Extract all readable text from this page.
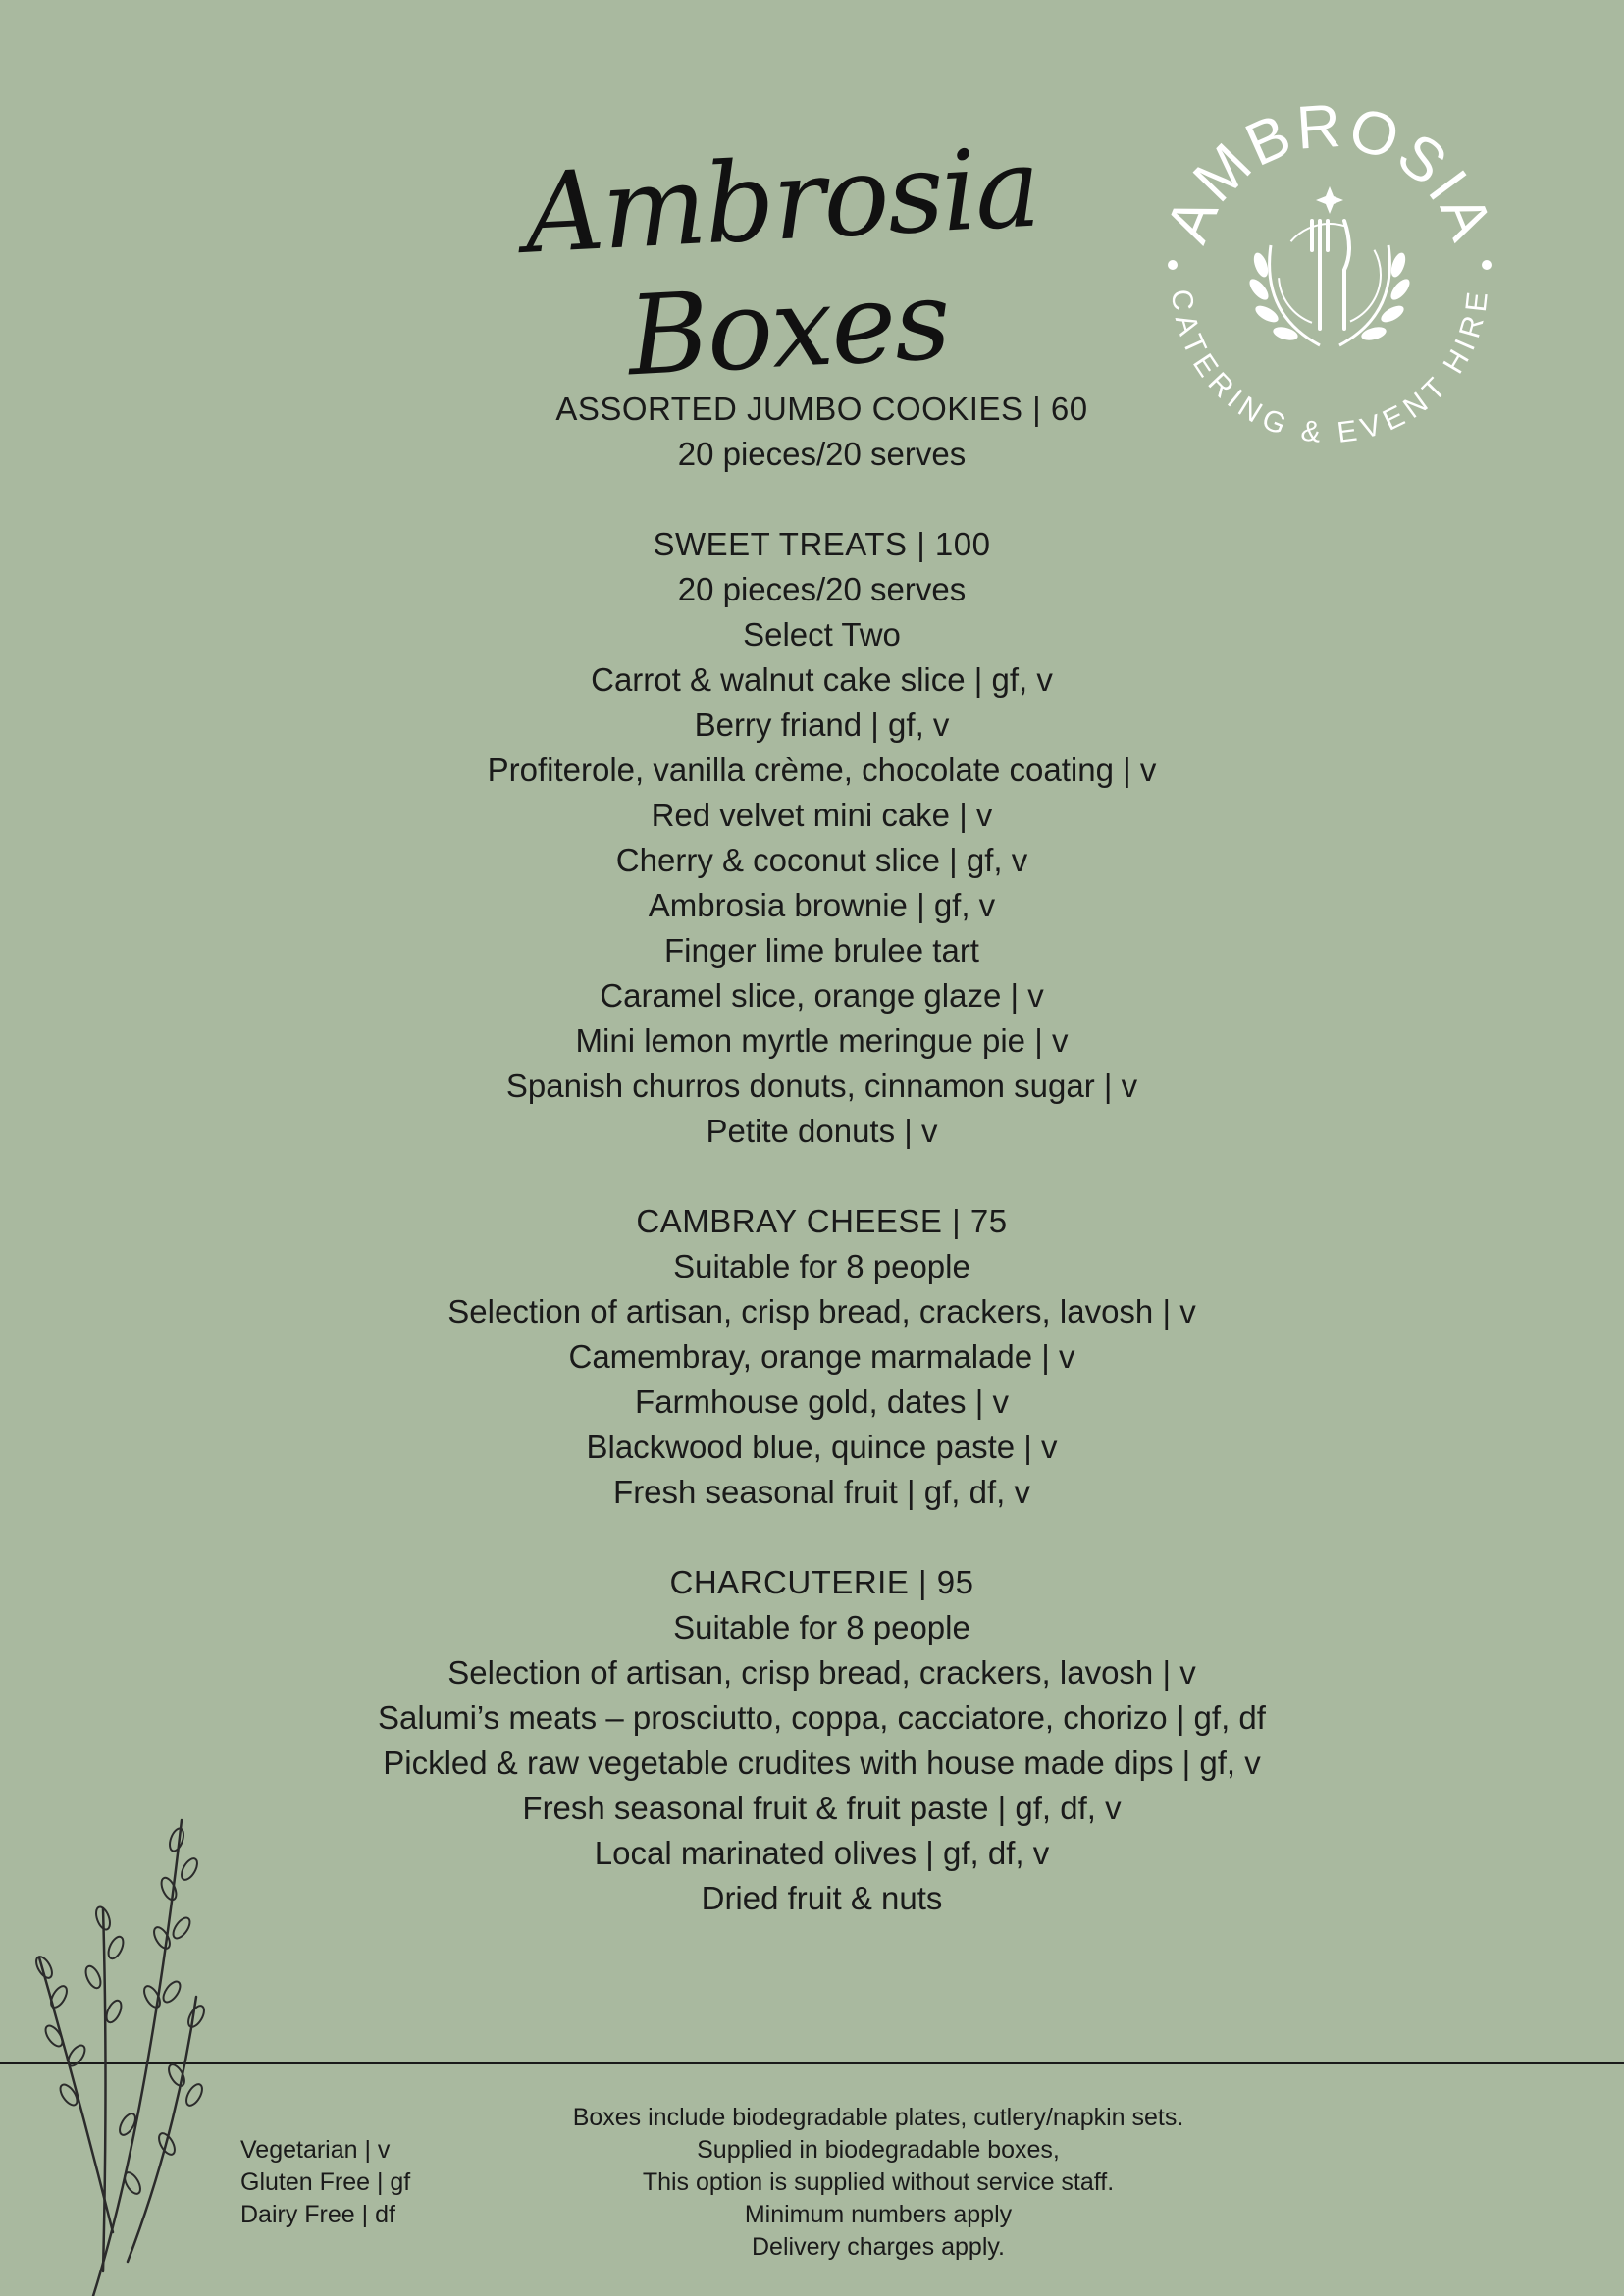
Ambrosia Boxes
AMBROSIA
CATERING & EVENT HIRE
ASSORTED JUMBO COOKIES | 60
20 pieces/20 serves
SWEET TREATS | 100
20 pieces/20 serves
Select Two
Carrot & walnut cake slice | gf, v
Berry friand | gf, v
Profiterole, vanilla crème, chocolate coating | v
Red velvet mini cake | v
Cherry & coconut slice | gf, v
Ambrosia brownie | gf, v
Finger lime brulee tart
Caramel slice, orange glaze | v
Mini lemon myrtle meringue pie | v
Spanish churros donuts, cinnamon sugar | v
Petite donuts | v
CAMBRAY CHEESE | 75
Suitable for 8 people
Selection of artisan, crisp bread, crackers, lavosh | v
Camembray, orange marmalade | v
Farmhouse gold, dates | v
Blackwood blue, quince paste | v
Fresh seasonal fruit | gf, df, v
CHARCUTERIE | 95
Suitable for 8 people
Selection of artisan, crisp bread, crackers, lavosh | v
Salumi’s meats – prosciutto, coppa, cacciatore, chorizo | gf, df
Pickled & raw vegetable crudites with house made dips | gf, v
Fresh seasonal fruit & fruit paste | gf, df, v
Local marinated olives | gf, df, v
Dried fruit & nuts
Vegetarian | v
Gluten Free | gf
Dairy Free | df
Boxes include biodegradable plates, cutlery/napkin sets.
Supplied in biodegradable boxes,
This option is supplied without service staff.
Minimum numbers apply
Delivery charges apply.
